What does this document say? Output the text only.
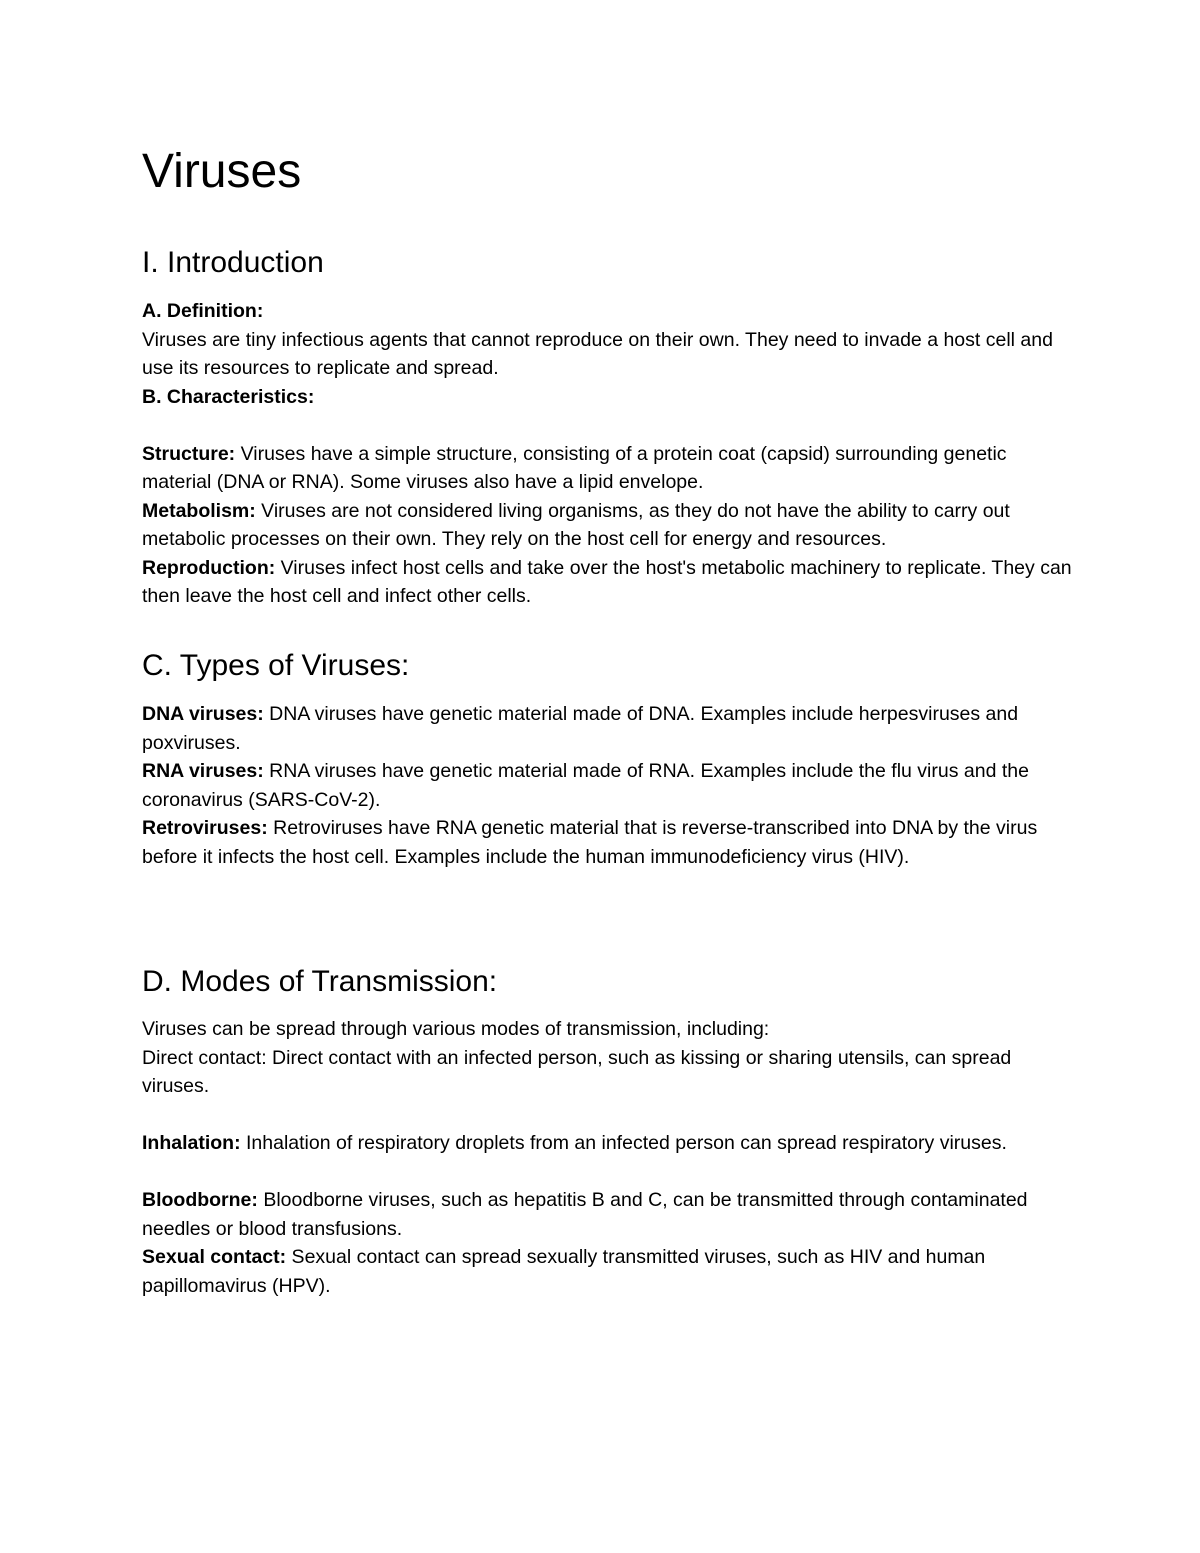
Viruses
I. Introduction

A. Definition:

Viruses are tiny infectious agents that cannot reproduce on their own. They need to invade a host cell and use its resources to replicate and spread.

B. Characteristics:

Structure: Viruses have a simple structure, consisting of a protein coat (capsid) surrounding genetic material (DNA or RNA). Some viruses also have a lipid envelope.

Metabolism: Viruses are not considered living organisms, as they do not have the ability to carry out metabolic processes on their own. They rely on the host cell for energy and resources.

Reproduction: Viruses infect host cells and take over the host's metabolic machinery to replicate. They can then leave the host cell and infect other cells.

C. Types of Viruses:

DNA viruses: DNA viruses have genetic material made of DNA. Examples include herpesviruses and poxviruses.

RNA viruses: RNA viruses have genetic material made of RNA. Examples include the flu virus and the coronavirus (SARS-CoV-2).

Retroviruses: Retroviruses have RNA genetic material that is reverse-transcribed into DNA by the virus before it infects the host cell. Examples include the human immunodeficiency virus (HIV).

D. Modes of Transmission:

Viruses can be spread through various modes of transmission, including:

Direct contact: Direct contact with an infected person, such as kissing or sharing utensils, can spread viruses.

Inhalation: Inhalation of respiratory droplets from an infected person can spread respiratory viruses.

Bloodborne: Bloodborne viruses, such as hepatitis B and C, can be transmitted through contaminated needles or blood transfusions.

Sexual contact: Sexual contact can spread sexually transmitted viruses, such as HIV and human papillomavirus (HPV).
